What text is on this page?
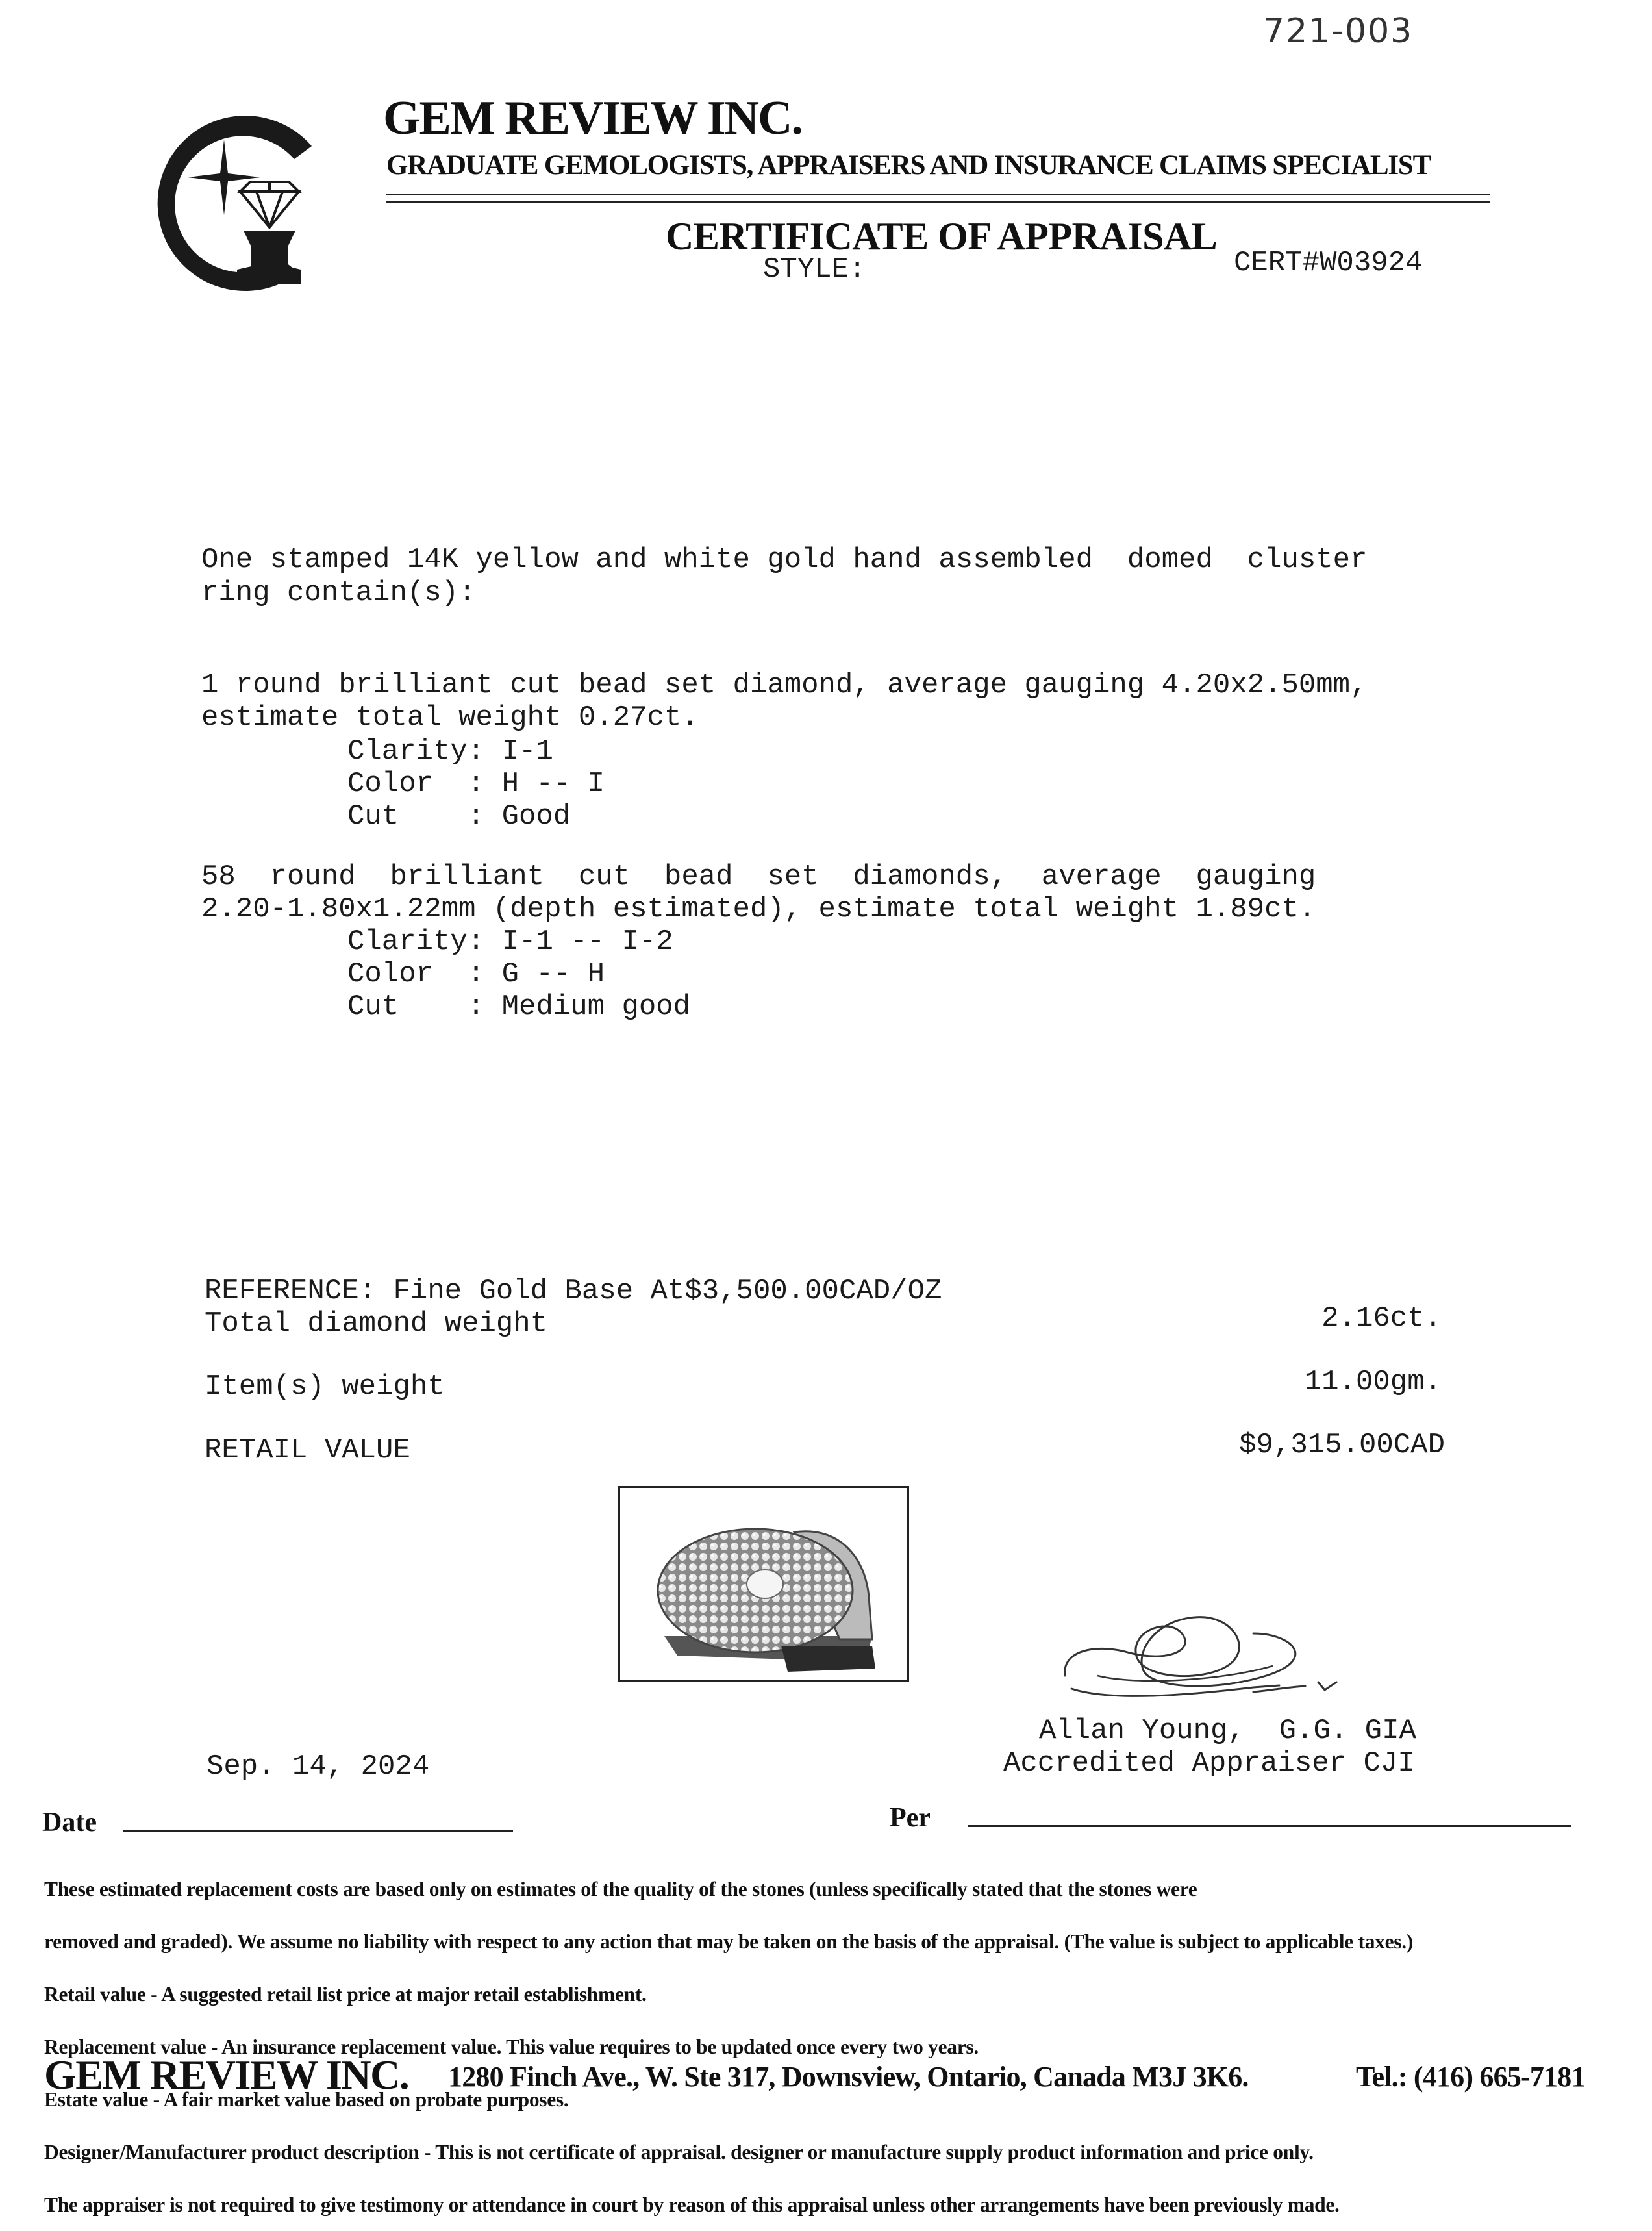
721-003
GEM REVIEW INC.
GRADUATE GEMOLOGISTS, APPRAISERS AND INSURANCE CLAIMS SPECIALIST
CERTIFICATE OF APPRAISAL
STYLE:	CERT#W03924
One stamped 14K yellow and white gold hand assembled  domed  cluster
ring contain(s):
1 round brilliant cut bead set diamond, average gauging 4.20x2.50mm,
estimate total weight 0.27ct.
Clarity: I-1
Color  : H -- I
Cut    : Good
58  round  brilliant  cut  bead  set  diamonds,  average  gauging
2.20-1.80x1.22mm (depth estimated), estimate total weight 1.89ct.
Clarity: I-1 -- I-2
Color  : G -- H
Cut    : Medium good
REFERENCE: Fine Gold Base At$3,500.00CAD/OZ
Total diamond weight	2.16ct.
Item(s) weight	11.00gm.
RETAIL VALUE	$9,315.00CAD

Allan Young,  G.G. GIA
Accredited Appraiser CJI
Sep. 14, 2024
Date	Per

These estimated replacement costs are based only on estimates of the quality of the stones (unless specifically stated that the stones were

removed and graded). We assume no liability with respect to any action that may be taken on the basis of the appraisal. (The value is subject to applicable taxes.)

Retail value - A suggested retail list price at major retail establishment.

Replacement value - An insurance replacement value. This value requires to be updated once every two years.

Estate value - A fair market value based on probate purposes.

Designer/Manufacturer product description - This is not certificate of appraisal. designer or manufacture supply product information and price only.

The appraiser is not required to give testimony or attendance in court by reason of this appraisal unless other arrangements have been previously made.

GEM REVIEW INC. 1280 Finch Ave., W. Ste 317, Downsview, Ontario, Canada M3J 3K6.	Tel.: (416) 665-7181
